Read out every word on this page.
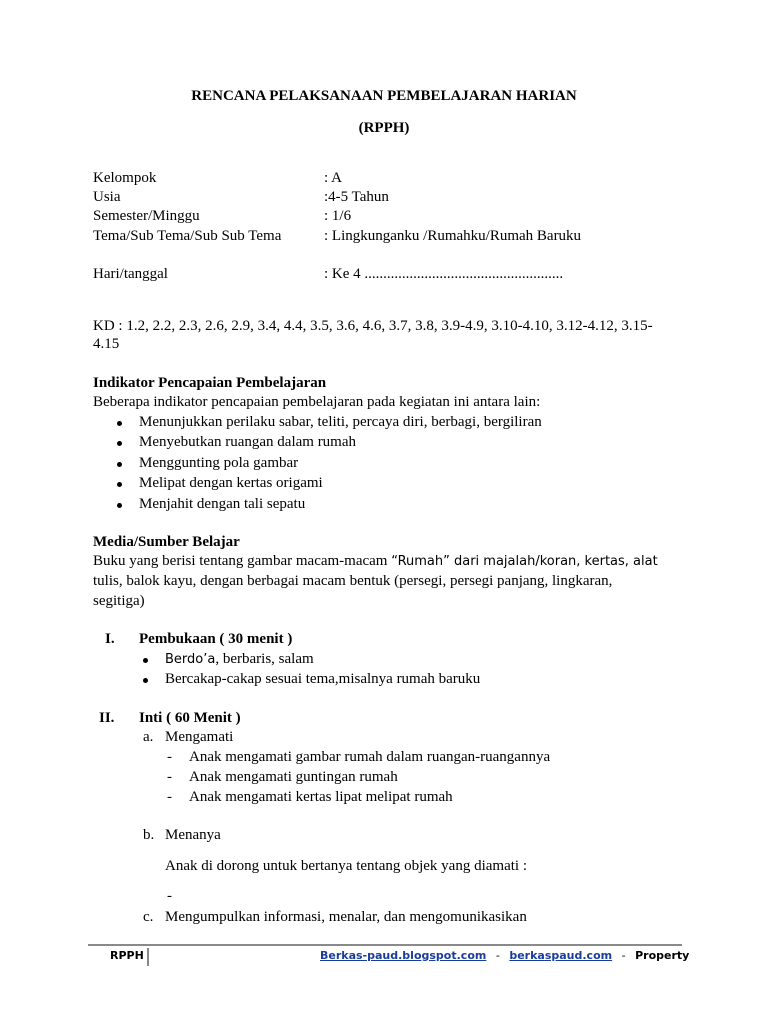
RENCANA PELAKSANAAN PEMBELAJARAN HARIAN
(RPPH)
Kelompok	: A
Usia	:4-5 Tahun
Semester/Minggu	: 1/6
Tema/Sub Tema/Sub Sub Tema	: Lingkunganku /Rumahku/Rumah Baruku
Hari/tanggal	: Ke 4 .....................................................
KD : 1.2, 2.2, 2.3, 2.6, 2.9, 3.4, 4.4, 3.5, 3.6, 4.6, 3.7, 3.8, 3.9-4.9, 3.10-4.10, 3.12-4.12, 3.15-
4.15
Indikator Pencapaian Pembelajaran
Beberapa indikator pencapaian pembelajaran pada kegiatan ini antara lain:
Menunjukkan perilaku sabar, teliti, percaya diri, berbagi, bergiliran
Menyebutkan ruangan dalam rumah
Menggunting pola gambar
Melipat dengan kertas origami
Menjahit dengan tali sepatu
Media/Sumber Belajar
Buku yang berisi tentang gambar macam-macam “Rumah” dari majalah/koran, kertas, alat
tulis, balok kayu, dengan berbagai macam bentuk (persegi, persegi panjang, lingkaran,
segitiga)
I. Pembukaan ( 30 menit )
Berdo’a, berbaris, salam
Bercakap-cakap sesuai tema,misalnya rumah baruku
II. Inti ( 60 Menit )
a. Mengamati
- Anak mengamati gambar rumah dalam ruangan-ruangannya
- Anak mengamati guntingan rumah
- Anak mengamati kertas lipat melipat rumah
b. Menanya
Anak di dorong untuk bertanya tentang objek yang diamati :
-
c. Mengumpulkan informasi, menalar, dan mengomunikasikan
RPPH	Berkas-paud.blogspot.com - berkaspaud.com - Property
